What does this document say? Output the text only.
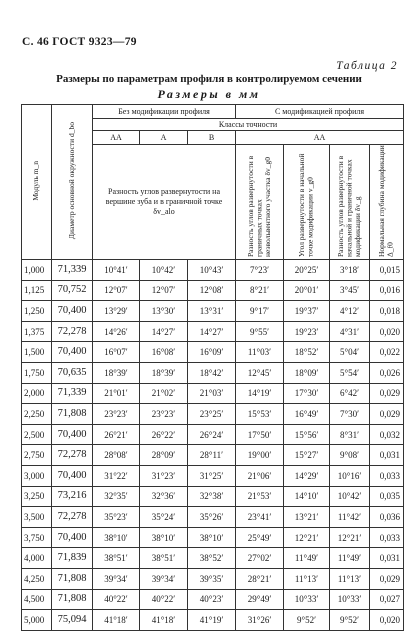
С. 46 ГОСТ 9323—79
Таблица 2
Размеры по параметрам профиля в контролируемом сечении
Размеры в мм
Модуль m_n	Диаметр основной окружности d_bo	Без модификации профиля			С модификацией профиля			
		Классы точности						
		АА	А	В	АА			
		Разность углов развернутости на вершине зуба и в граничной точке δv_alo			Разность углов развернутости в граничных точках неэвольвентного участка δv_g0	Угол развернутости в начальной точке модификации v_g0	Разность углов развернутости в начальной и граничной точках модификации δv_g	Нормальная глубина модификации Δ_f0
1,000	71,339	10°41′	10°42′	10°43′	7°23′	20°25′	3°18′	0,015
1,125	70,752	12°07′	12°07′	12°08′	8°21′	20°01′	3°45′	0,016
1,250	70,400	13°29′	13°30′	13°31′	9°17′	19°37′	4°12′	0,018
1,375	72,278	14°26′	14°27′	14°27′	9°55′	19°23′	4°31′	0,020
1,500	70,400	16°07′	16°08′	16°09′	11°03′	18°52′	5°04′	0,022
1,750	70,635	18°39′	18°39′	18°42′	12°45′	18°09′	5°54′	0,026
2,000	71,339	21°01′	21°02′	21°03′	14°19′	17°30′	6°42′	0,029
2,250	71,808	23°23′	23°23′	23°25′	15°53′	16°49′	7°30′	0,029
2,500	70,400	26°21′	26°22′	26°24′	17°50′	15°56′	8°31′	0,032
2,750	72,278	28°08′	28°09′	28°11′	19°00′	15°27′	9°08′	0,031
3,000	70,400	31°22′	31°23′	31°25′	21°06′	14°29′	10°16′	0,033
3,250	73,216	32°35′	32°36′	32°38′	21°53′	14°10′	10°42′	0,035
3,500	72,278	35°23′	35°24′	35°26′	23°41′	13°21′	11°42′	0,036
3,750	70,400	38°10′	38°10′	38°10′	25°49′	12°21′	12°21′	0,033
4,000	71,839	38°51′	38°51′	38°52′	27°02′	11°49′	11°49′	0,031
4,250	71,808	39°34′	39°34′	39°35′	28°21′	11°13′	11°13′	0,029
4,500	71,808	40°22′	40°22′	40°23′	29°49′	10°33′	10°33′	0,027
5,000	75,094	41°18′	41°18′	41°19′	31°26′	9°52′	9°52′	0,020
